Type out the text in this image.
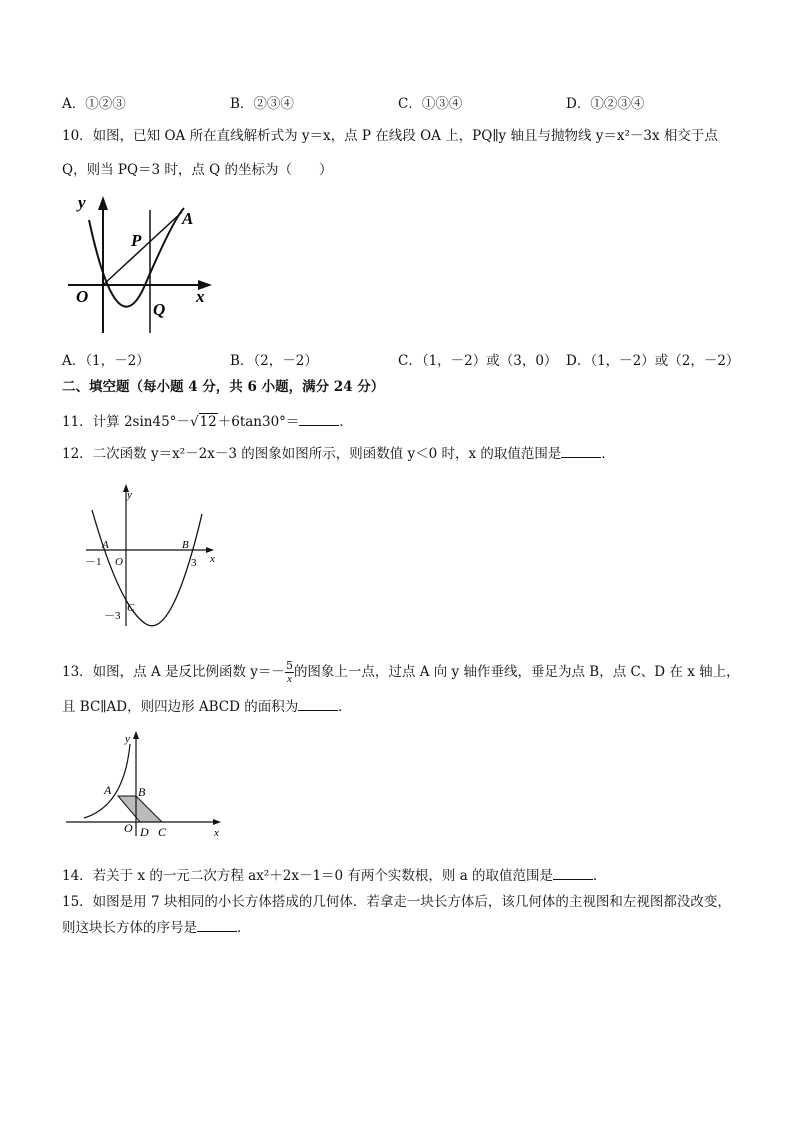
A．①②③	B．②③④	C．①③④	D．①②③④
10．如图，已知 OA 所在直线解析式为 y＝x，点 P 在线段 OA 上，PQ∥y 轴且与抛物线 y＝x²－3x 相交于点
Q，则当 PQ＝3 时，点 Q 的坐标为（　　）
y
x
O
P
A
Q
A．（1，－2）	B．（2，－2）	C．（1，－2）或（3，0） D．（1，－2）或（2，－2）
二、填空题（每小题 4 分，共 6 小题，满分 24 分）
11．计算 2sin45°－√12＋6tan30°＝	．
12．二次函数 y＝x²－2x－3 的图象如图所示，则函数值 y＜0 时，x 的取值范围是	．
y
x
A	B
－1 O	3
C
－3
13．如图，点 A 是反比例函数 $y=- \frac{5}{x}$ 的图象上一点，过点 A 向 y 轴作垂线，垂足为点 B，点 C、D 在 x 轴上，
且 BC∥AD，则四边形 ABCD 的面积为	．
y
x
A B
O D C
14．若关于 x 的一元二次方程 ax²＋2x－1＝0 有两个实数根，则 a 的取值范围是	．
15．如图是用 7 块相同的小长方体搭成的几何体．若拿走一块长方体后，该几何体的主视图和左视图都没改变，
则这块长方体的序号是	．
